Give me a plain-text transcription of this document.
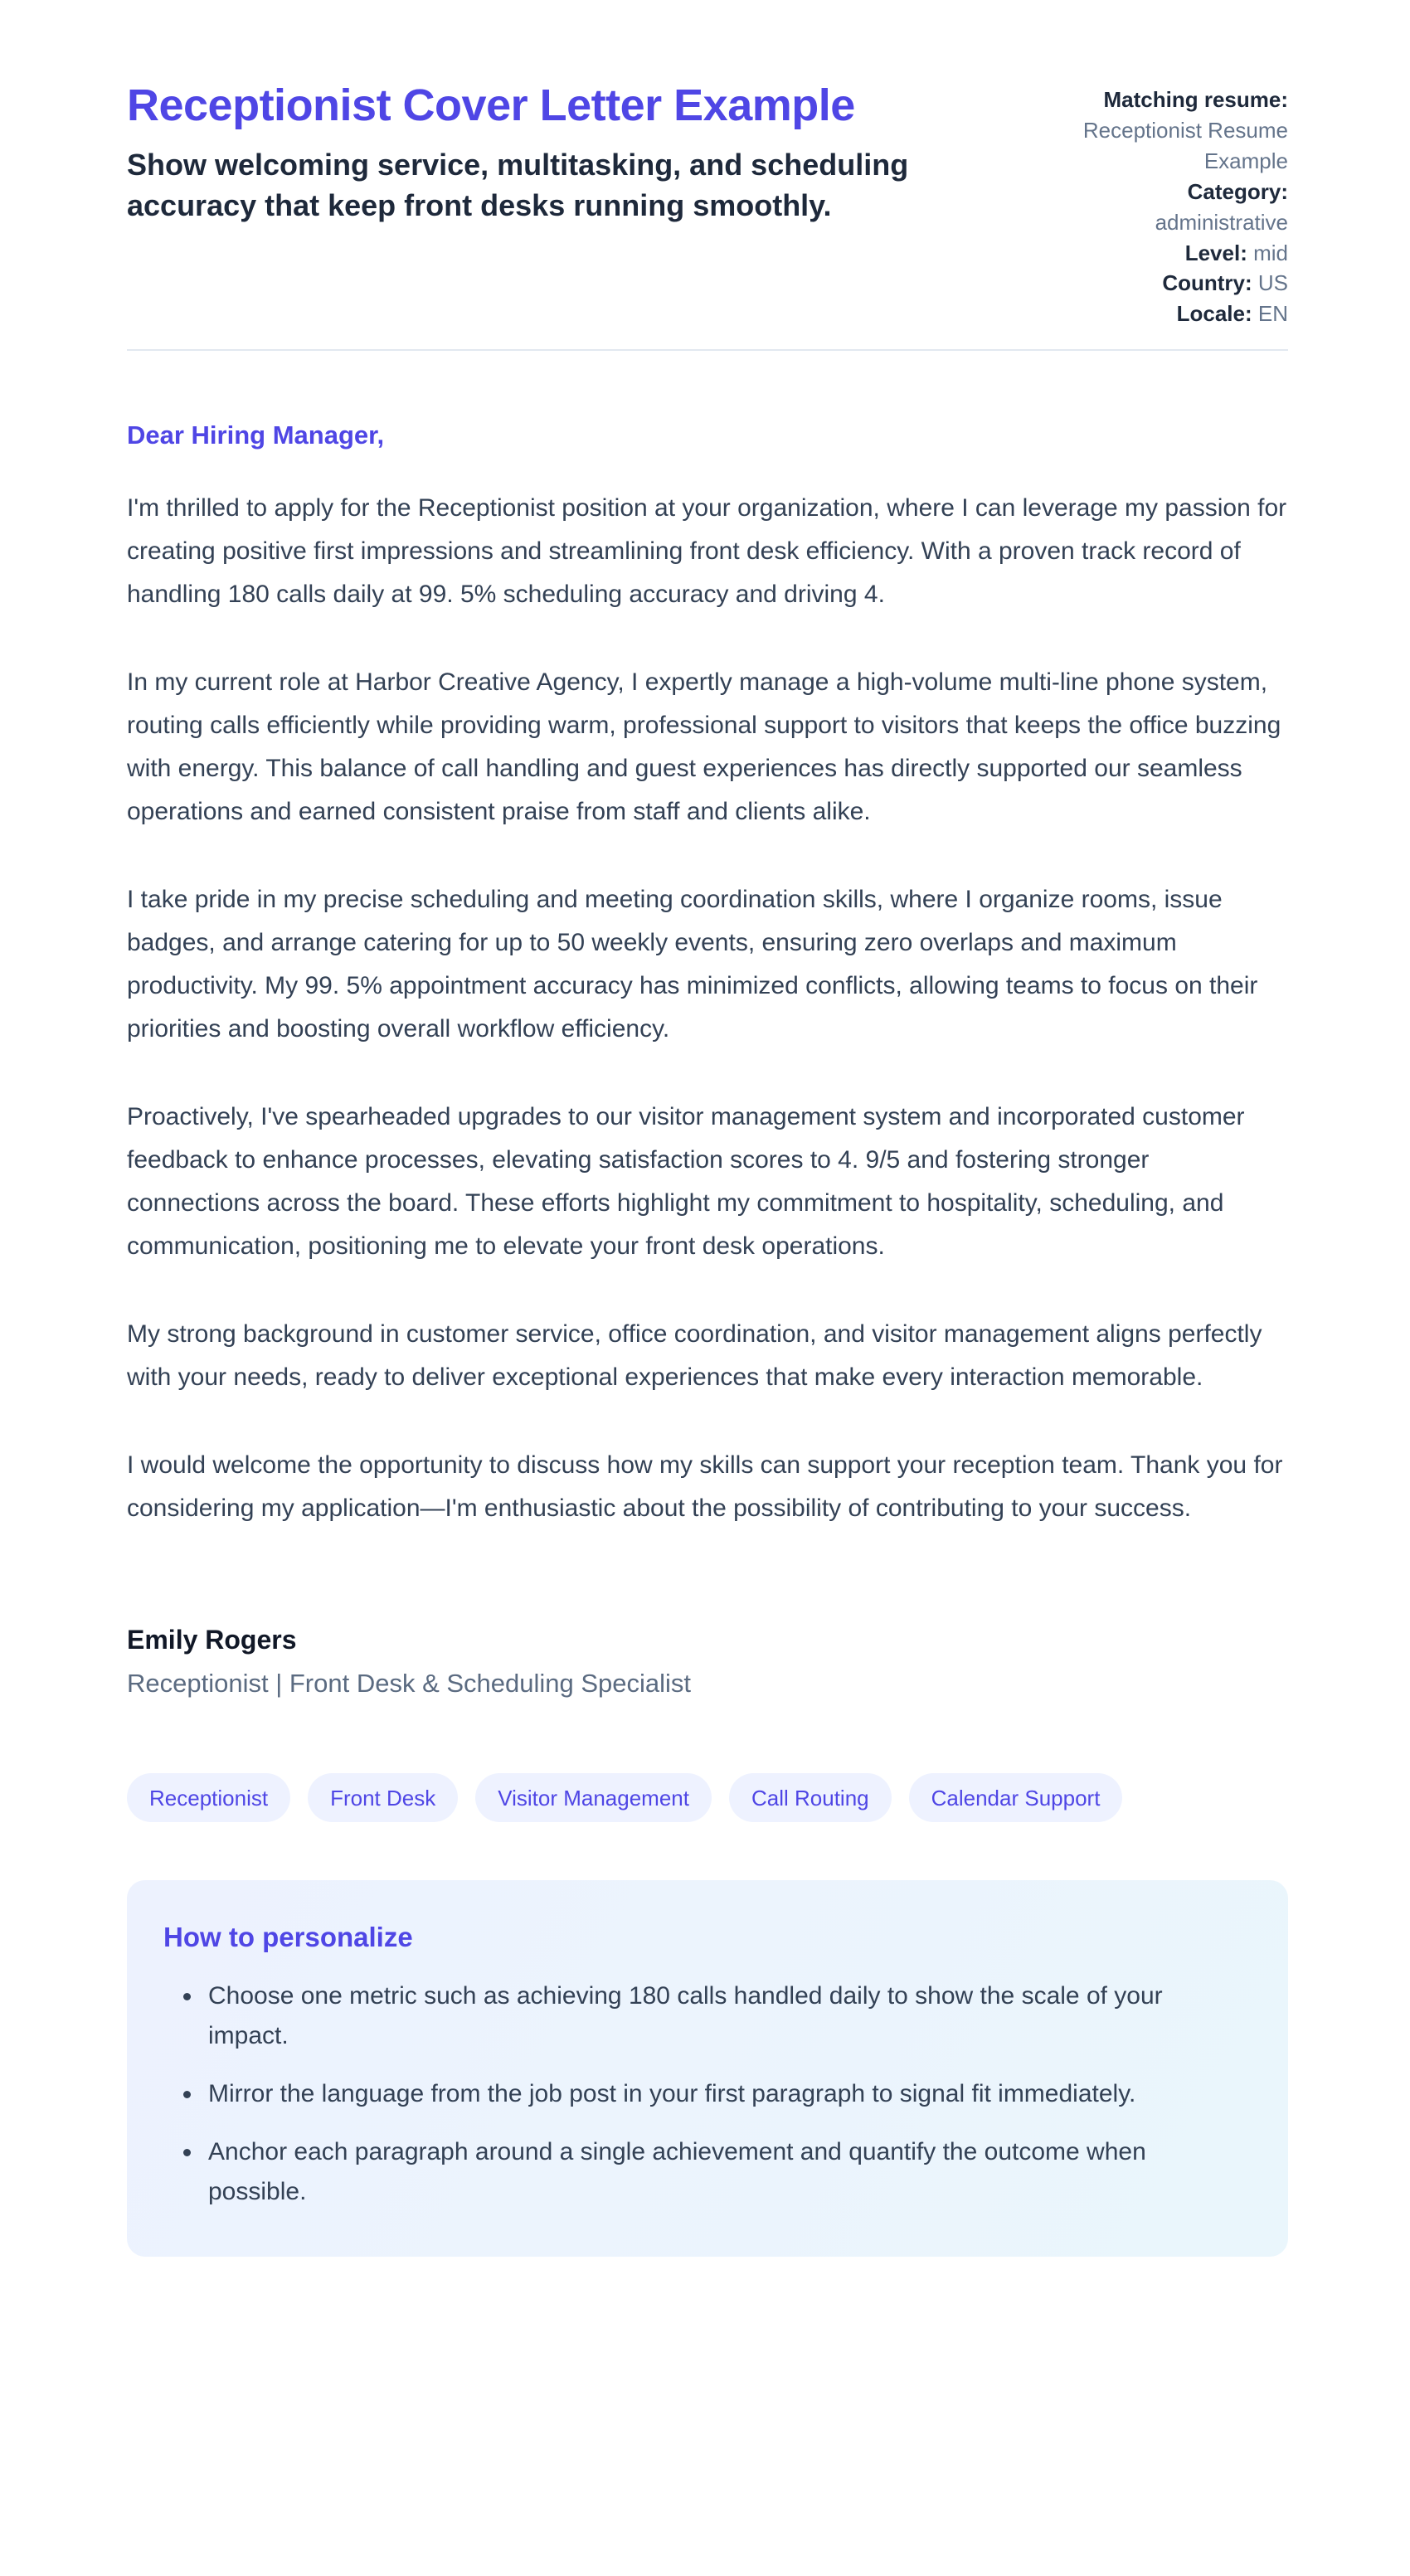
Receptionist Cover Letter Example

Show welcoming service, multitasking, and scheduling accuracy that keep front desks running smoothly.

Matching resume: Receptionist Resume Example
Category: administrative
Level: mid
Country: US
Locale: EN

Dear Hiring Manager,

I'm thrilled to apply for the Receptionist position at your organization, where I can leverage my passion for creating positive first impressions and streamlining front desk efficiency. With a proven track record of handling 180 calls daily at 99. 5% scheduling accuracy and driving 4.

In my current role at Harbor Creative Agency, I expertly manage a high-volume multi-line phone system, routing calls efficiently while providing warm, professional support to visitors that keeps the office buzzing with energy. This balance of call handling and guest experiences has directly supported our seamless operations and earned consistent praise from staff and clients alike.

I take pride in my precise scheduling and meeting coordination skills, where I organize rooms, issue badges, and arrange catering for up to 50 weekly events, ensuring zero overlaps and maximum productivity. My 99. 5% appointment accuracy has minimized conflicts, allowing teams to focus on their priorities and boosting overall workflow efficiency.

Proactively, I've spearheaded upgrades to our visitor management system and incorporated customer feedback to enhance processes, elevating satisfaction scores to 4. 9/5 and fostering stronger connections across the board. These efforts highlight my commitment to hospitality, scheduling, and communication, positioning me to elevate your front desk operations.

My strong background in customer service, office coordination, and visitor management aligns perfectly with your needs, ready to deliver exceptional experiences that make every interaction memorable.

I would welcome the opportunity to discuss how my skills can support your reception team. Thank you for considering my application—I'm enthusiastic about the possibility of contributing to your success.

Emily Rogers

Receptionist | Front Desk & Scheduling Specialist

Receptionist	Front Desk	Visitor Management	Call Routing	Calendar Support
How to personalize
• Choose one metric such as achieving 180 calls handled daily to show the scale of your impact.
• Mirror the language from the job post in your first paragraph to signal fit immediately.
• Anchor each paragraph around a single achievement and quantify the outcome when possible.
